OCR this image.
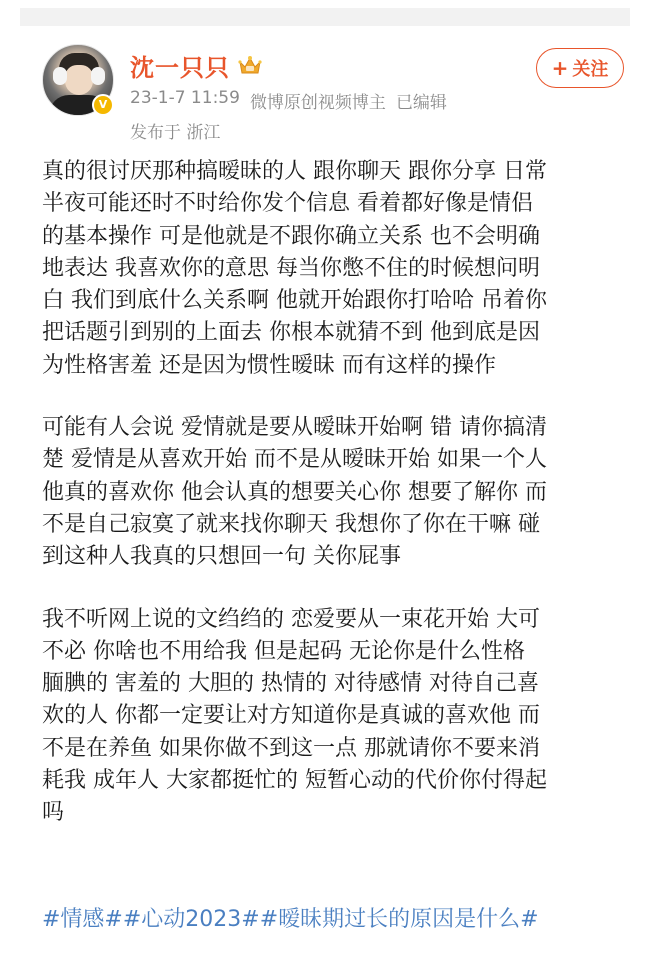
V
沈一只只
23-1-7 11:59 微博原创视频博主 已编辑
发布于 浙江
+ 关注
真的很讨厌那种搞暧昧的人 跟你聊天 跟你分享 日常
半夜可能还时不时给你发个信息 看着都好像是情侣
的基本操作 可是他就是不跟你确立关系 也不会明确
地表达 我喜欢你的意思 每当你憋不住的时候想问明
白 我们到底什么关系啊 他就开始跟你打哈哈 吊着你
把话题引到别的上面去 你根本就猜不到 他到底是因
为性格害羞 还是因为惯性暧昧 而有这样的操作
可能有人会说 爱情就是要从暧昧开始啊 错 请你搞清
楚 爱情是从喜欢开始 而不是从暧昧开始 如果一个人
他真的喜欢你 他会认真的想要关心你 想要了解你 而
不是自己寂寞了就来找你聊天 我想你了你在干嘛 碰
到这种人我真的只想回一句 关你屁事
我不听网上说的文绉绉的 恋爱要从一束花开始 大可
不必 你啥也不用给我 但是起码 无论你是什么性格
腼腆的 害羞的 大胆的 热情的 对待感情 对待自己喜
欢的人 你都一定要让对方知道你是真诚的喜欢他 而
不是在养鱼 如果你做不到这一点 那就请你不要来消
耗我 成年人 大家都挺忙的 短暂心动的代价你付得起
吗
#情感##心动2023##暧昧期过长的原因是什么#
